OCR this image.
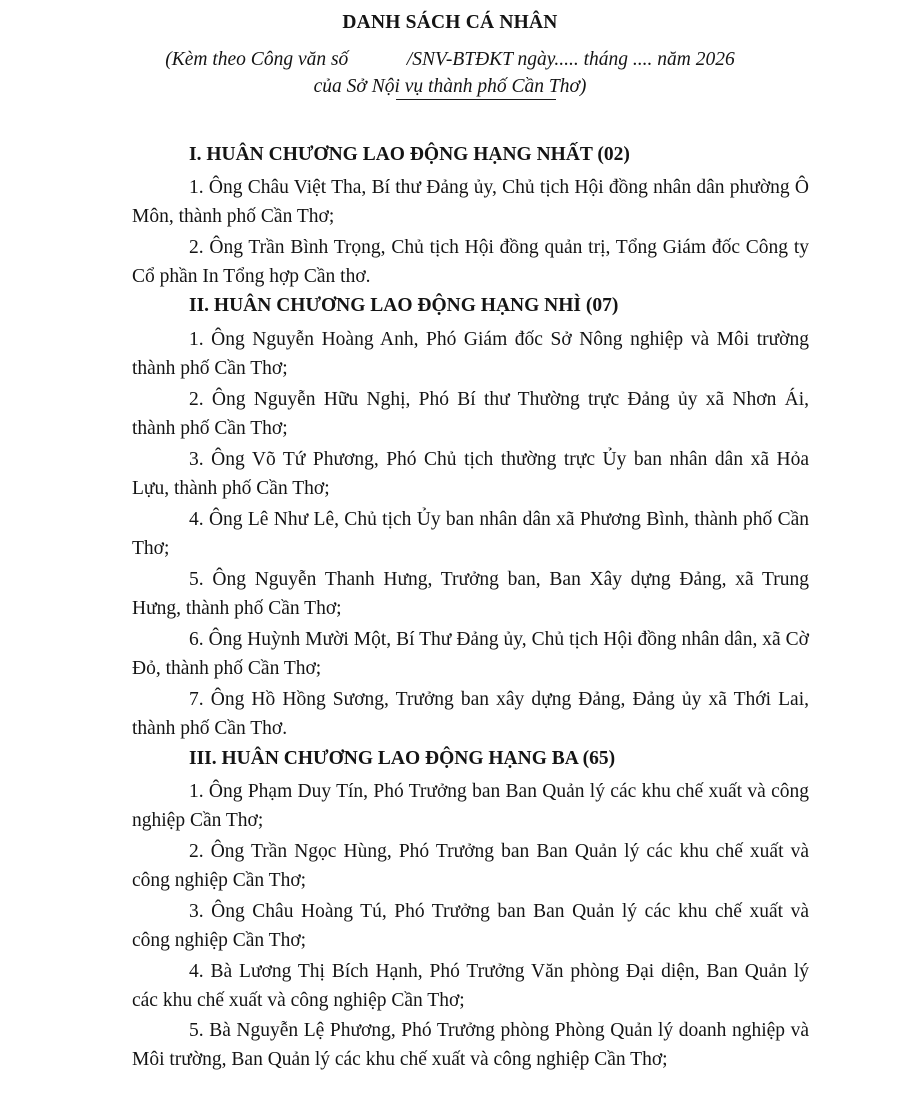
DANH SÁCH CÁ NHÂN
(Kèm theo Công văn số            /SNV-BTĐKT ngày..... tháng .... năm 2026
của Sở Nội vụ thành phố Cần Thơ)
I. HUÂN CHƯƠNG LAO ĐỘNG HẠNG NHẤT (02)
1. Ông Châu Việt Tha, Bí thư Đảng ủy, Chủ tịch Hội đồng nhân dân phường Ô Môn, thành phố Cần Thơ;
2. Ông Trần Bình Trọng, Chủ tịch Hội đồng quản trị, Tổng Giám đốc Công ty Cổ phần In Tổng hợp Cần thơ.
II. HUÂN CHƯƠNG LAO ĐỘNG HẠNG NHÌ (07)
1. Ông Nguyễn Hoàng Anh, Phó Giám đốc Sở Nông nghiệp và Môi trường thành phố Cần Thơ;
2. Ông Nguyễn Hữu Nghị, Phó Bí thư Thường trực Đảng ủy xã Nhơn Ái, thành phố Cần Thơ;
3. Ông Võ Tứ Phương, Phó Chủ tịch thường trực Ủy ban nhân dân xã Hỏa Lựu, thành phố Cần Thơ;
4. Ông Lê Như Lê, Chủ tịch Ủy ban nhân dân xã Phương Bình, thành phố Cần Thơ;
5. Ông Nguyễn Thanh Hưng, Trưởng ban, Ban Xây dựng Đảng, xã Trung Hưng, thành phố Cần Thơ;
6. Ông Huỳnh Mười Một, Bí Thư Đảng ủy, Chủ tịch Hội đồng nhân dân, xã Cờ Đỏ, thành phố Cần Thơ;
7. Ông Hồ Hồng Sương, Trưởng ban xây dựng Đảng, Đảng ủy xã Thới Lai, thành phố Cần Thơ.
III. HUÂN CHƯƠNG LAO ĐỘNG HẠNG BA (65)
1. Ông Phạm Duy Tín, Phó Trưởng ban Ban Quản lý các khu chế xuất và công nghiệp Cần Thơ;
2. Ông Trần Ngọc Hùng, Phó Trưởng ban Ban Quản lý các khu chế xuất và công nghiệp Cần Thơ;
3. Ông Châu Hoàng Tú, Phó Trưởng ban Ban Quản lý các khu chế xuất và công nghiệp Cần Thơ;
4. Bà Lương Thị Bích Hạnh, Phó Trưởng Văn phòng Đại diện, Ban Quản lý các khu chế xuất và công nghiệp Cần Thơ;
5. Bà Nguyễn Lệ Phương, Phó Trưởng phòng Phòng Quản lý doanh nghiệp và Môi trường, Ban Quản lý các khu chế xuất và công nghiệp Cần Thơ;
